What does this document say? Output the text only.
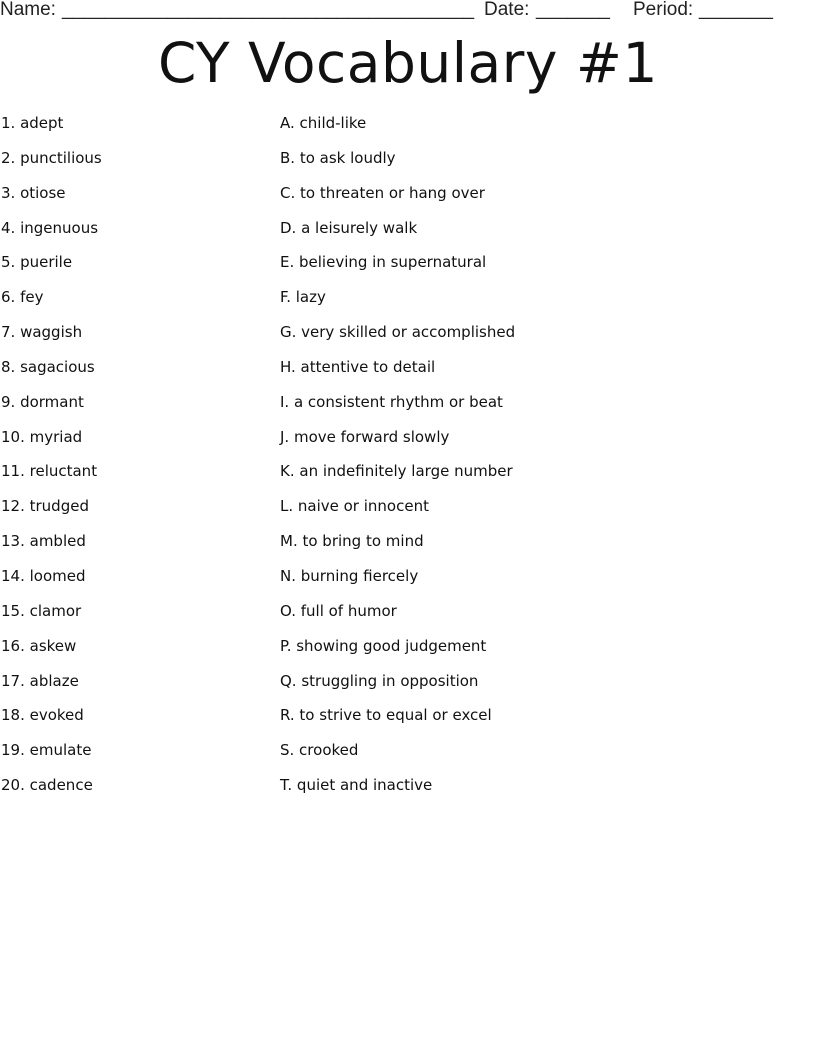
Name: _______________________________________ Date: _______ Period: _______
CY Vocabulary #1
1. adept
2. punctilious
3. otiose
4. ingenuous
5. puerile
6. fey
7. waggish
8. sagacious
9. dormant
10. myriad
11. reluctant
12. trudged
13. ambled
14. loomed
15. clamor
16. askew
17. ablaze
18. evoked
19. emulate
20. cadence
A. child-like
B. to ask loudly
C. to threaten or hang over
D. a leisurely walk
E. believing in supernatural
F. lazy
G. very skilled or accomplished
H. attentive to detail
I. a consistent rhythm or beat
J. move forward slowly
K. an indefinitely large number
L. naive or innocent
M. to bring to mind
N. burning fiercely
O. full of humor
P. showing good judgement
Q. struggling in opposition
R. to strive to equal or excel
S. crooked
T. quiet and inactive
